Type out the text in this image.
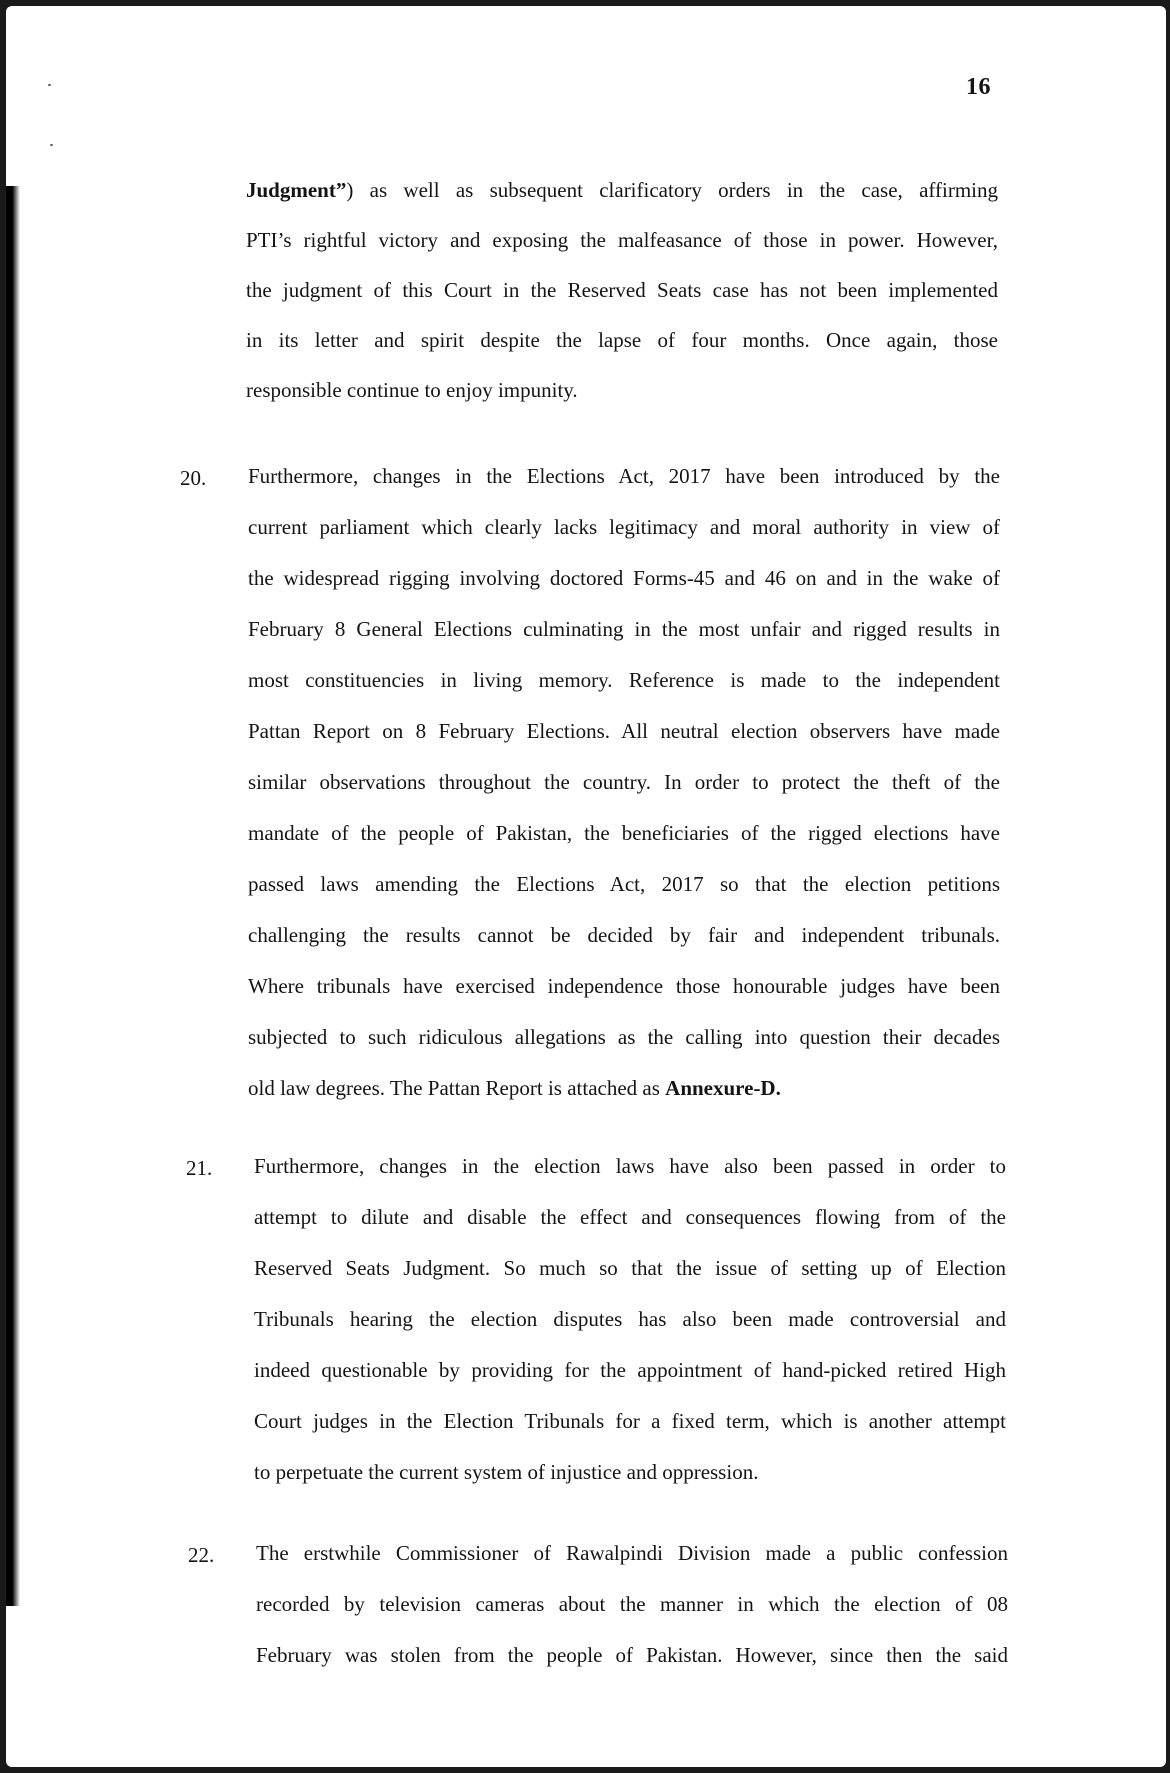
16
Judgment”) as well as subsequent clarificatory orders in the case, affirming
PTI’s rightful victory and exposing the malfeasance of those in power. However,
the judgment of this Court in the Reserved Seats case has not been implemented
in its letter and spirit despite the lapse of four months. Once again, those
responsible continue to enjoy impunity.
20. Furthermore, changes in the Elections Act, 2017 have been introduced by the
current parliament which clearly lacks legitimacy and moral authority in view of
the widespread rigging involving doctored Forms-45 and 46 on and in the wake of
February 8 General Elections culminating in the most unfair and rigged results in
most constituencies in living memory. Reference is made to the independent
Pattan Report on 8 February Elections. All neutral election observers have made
similar observations throughout the country. In order to protect the theft of the
mandate of the people of Pakistan, the beneficiaries of the rigged elections have
passed laws amending the Elections Act, 2017 so that the election petitions
challenging the results cannot be decided by fair and independent tribunals.
Where tribunals have exercised independence those honourable judges have been
subjected to such ridiculous allegations as the calling into question their decades
old law degrees. The Pattan Report is attached as Annexure-D.
21. Furthermore, changes in the election laws have also been passed in order to
attempt to dilute and disable the effect and consequences flowing from of the
Reserved Seats Judgment. So much so that the issue of setting up of Election
Tribunals hearing the election disputes has also been made controversial and
indeed questionable by providing for the appointment of hand-picked retired High
Court judges in the Election Tribunals for a fixed term, which is another attempt
to perpetuate the current system of injustice and oppression.
22. The erstwhile Commissioner of Rawalpindi Division made a public confession
recorded by television cameras about the manner in which the election of 08
February was stolen from the people of Pakistan. However, since then the said
